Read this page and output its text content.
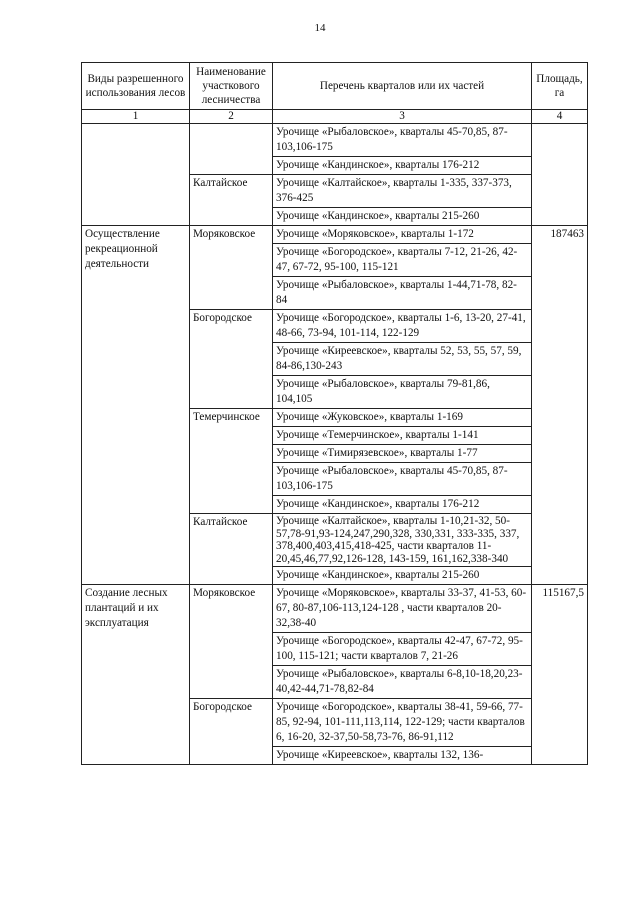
14
Виды разрешенного использования лесов	Наименование участкового лесничества	Перечень кварталов или их частей	Площадь, га
1	2	3	4
		Урочище «Рыбаловское», кварталы 45-70,85, 87-103,106-175	
		Урочище «Кандинское», кварталы 176-212	
	Калтайское	Урочище «Калтайское», кварталы 1-335, 337-373, 376-425	
		Урочище «Кандинское», кварталы 215-260	
Осуществление рекреационной деятельности	Моряковское	Урочище «Моряковское», кварталы 1-172	187463
		Урочище «Богородское», кварталы 7-12, 21-26, 42-47, 67-72, 95-100, 115-121	
		Урочище «Рыбаловское», кварталы 1-44,71-78, 82-84	
	Богородское	Урочище «Богородское», кварталы 1-6, 13-20, 27-41, 48-66, 73-94, 101-114, 122-129	
		Урочище «Киреевское», кварталы 52, 53, 55, 57, 59, 84-86,130-243	
		Урочище «Рыбаловское», кварталы 79-81,86, 104,105	
	Темерчинское	Урочище «Жуковское», кварталы 1-169	
		Урочище «Темерчинское», кварталы 1-141	
		Урочище «Тимирязевское», кварталы 1-77	
		Урочище «Рыбаловское», кварталы 45-70,85, 87-103,106-175	
		Урочище «Кандинское», кварталы 176-212	
	Калтайское	Урочище «Калтайское», кварталы 1-10,21-32, 50-57,78-91,93-124,247,290,328, 330,331, 333-335, 337, 378,400,403,415,418-425, части кварталов 11-20,45,46,77,92,126-128, 143-159, 161,162,338-340	
		Урочище «Кандинское», кварталы 215-260	
Создание лесных плантаций и их эксплуатация	Моряковское	Урочище «Моряковское», кварталы 33-37, 41-53, 60-67, 80-87,106-113,124-128 , части кварталов 20-32,38-40	115167,5
		Урочище «Богородское», кварталы 42-47, 67-72, 95-100, 115-121; части кварталов 7, 21-26	
		Урочище «Рыбаловское», кварталы 6-8,10-18,20,23-40,42-44,71-78,82-84	
	Богородское	Урочище «Богородское», кварталы 38-41, 59-66, 77-85, 92-94, 101-111,113,114, 122-129; части кварталов 6, 16-20, 32-37,50-58,73-76, 86-91,112	
		Урочище «Киреевское», кварталы 132, 136-	
